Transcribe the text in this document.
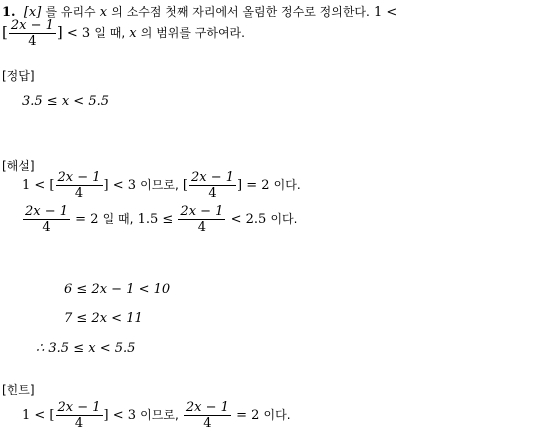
1. [x] 를 유리수 x 의 소수점 첫째 자리에서 올림한 정수로 정의한다. 1 <
[ $\frac{2x - 1}{4}$ ] < 3 일 때, x 의 범위를 구하여라.
[정답]
3.5 ≤ x < 5.5
[해설]
1 < [ $\frac{2x - 1}{4}$ ] < 3 이므로, [ $\frac{2x - 1}{4}$ ] = 2 이다.
$\frac{2x - 1}{4} = 2$ 일 때, $1.5 \le \frac{2x - 1}{4} < 2.5$ 이다.
6 ≤ 2x − 1 < 10
7 ≤ 2x < 11
∴ 3.5 ≤ x < 5.5
[힌트]
1 < [ $\frac{2x - 1}{4}$ ] < 3 이므로, $\frac{2x - 1}{4} = 2$ 이다.
